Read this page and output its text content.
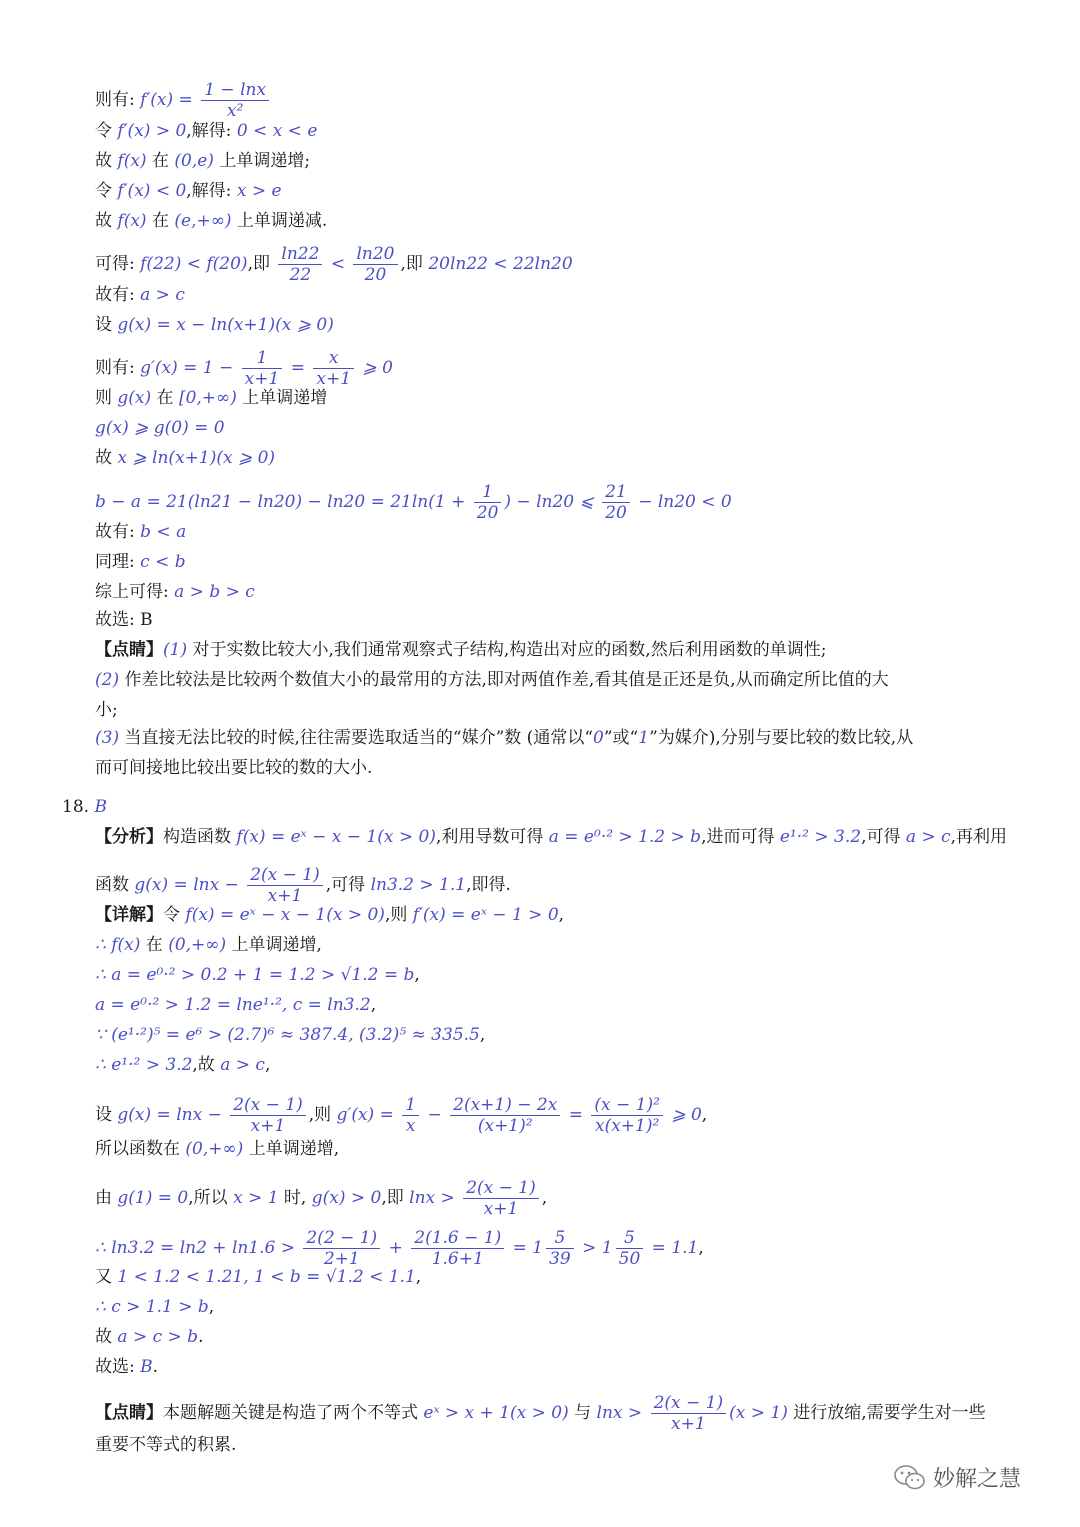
则有: $f'(x) = \frac{1 - \ln x}{\text{x²}}$
令 f′(x) > 0,解得: 0 < x < e
故 f(x) 在 (0,e) 上单调递增;
令 f′(x) < 0,解得: x > e
故 f(x) 在 (e,+∞) 上单调递减.
可得: f(22) < f(20),即 $\frac{\ln 22}{22} < \frac{\ln 20}{20}$ ,即 20ln22 < 22ln20
故有: a > c
设 g(x) = x − ln(x+1)(x ⩾ 0)
则有: $g'(x) = 1 - \frac{1}{x+1} = \frac{x}{x+1}$ ⩾ 0
则 g(x) 在 [0,+∞) 上单调递增
g(x) ⩾ g(0) = 0
故 x ⩾ ln(x+1)(x ⩾ 0)
$b - a = 21(\ln 21 - \ln 20) - \ln 20 = 21\ln(1 + \frac{1}{20}$ ) − ln20 ⩽ $\frac{21}{20} - \ln 20 < 0$
故有: b < a
同理: c < b
综上可得: a > b > c
故选: B
【点睛】(1) 对于实数比较大小,我们通常观察式子结构,构造出对应的函数,然后利用函数的单调性;
(2) 作差比较法是比较两个数值大小的最常用的方法,即对两值作差,看其值是正还是负,从而确定所比值的大
小;
(3) 当直接无法比较的时候,往往需要选取适当的“媒介”数 (通常以“0”或“1”为媒介),分别与要比较的数比较,从
而可间接地比较出要比较的数的大小.
【分析】构造函数 f(x) = eˣ − x − 1(x > 0),利用导数可得 a = e⁰·² > 1.2 > b,进而可得 e¹·² > 3.2,可得 a > c,再利用
函数 $g(x) = \ln x - \frac{2(x - 1)}{x+1}$ ,可得 ln3.2 > 1.1,即得.
【详解】令 f(x) = eˣ − x − 1(x > 0),则 f′(x) = eˣ − 1 > 0,
∴ f(x) 在 (0,+∞) 上单调递增,
∴ a = e⁰·² > 0.2 + 1 = 1.2 > √1.2 = b,
a = e⁰·² > 1.2 = lne¹·², c = ln3.2,
∵ (e¹·²)⁵ = e⁶ > (2.7)⁶ ≈ 387.4, (3.2)⁵ ≈ 335.5,
∴ e¹·² > 3.2,故 a > c,
设 $g(x) = \ln x - \frac{2(x - 1)}{x+1}$ ,则 $g'(x) = \frac{1}{x} - \frac{2(x+1) - 2x}{\text{(x+1)²}} = \frac{\text{(x − 1)²}}{\text{x(x+1)²}}$ ⩾ 0,
所以函数在 (0,+∞) 上单调递增,
由 g(1) = 0,所以 x > 1 时, g(x) > 0,即 $\ln x > \frac{2(x - 1)}{x+1}$ ,
∴ $\ln 3.2 = \ln 2 + \ln 1.6 > \frac{2(2 - 1)}{2+1} + \frac{2(1.6 - 1)}{1.6+1} = 1 \frac{5}{39} > 1 \frac{5}{50} = 1.1$,
又 1 < 1.2 < 1.21, 1 < b = √1.2 < 1.1,
∴ c > 1.1 > b,
故 a > c > b.
故选: B.
【点睛】本题解题关键是构造了两个不等式 eˣ > x + 1(x > 0) 与 $\ln x > \frac{2(x - 1)}{x+1} (x > 1)$ 进行放缩,需要学生对一些
重要不等式的积累.
18. B
妙解之慧
